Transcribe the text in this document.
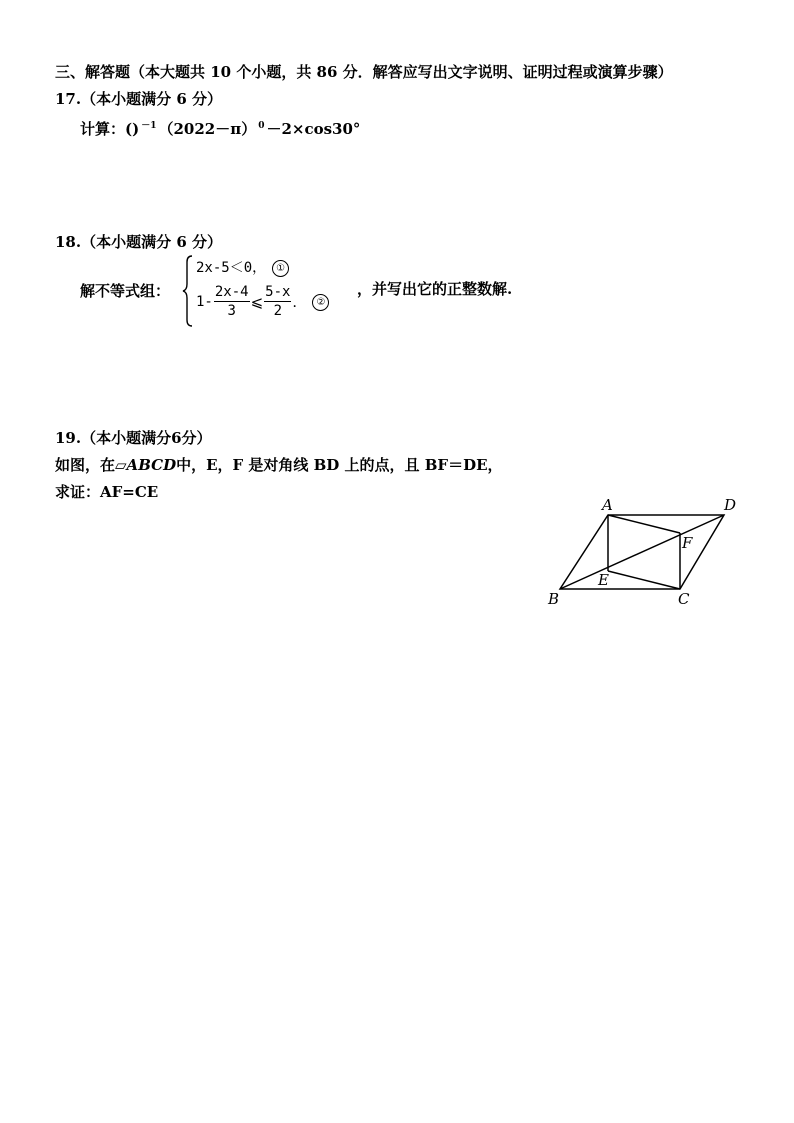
三、解答题（本大题共 10 个小题，共 86 分．解答应写出文字说明、证明过程或演算步骤）
17.（本小题满分 6 分）
计算：() $^{-1}$ （2022－π） $^0$ －2×cos30°
18.（本小题满分 6 分）
解不等式组：
2x-5＜0， ①
$1- \frac{2x-4}{3}$ ⩽ $\frac{5-x}{2}$ ． ②
，并写出它的正整数解.
19.（本小题满分6分）
如图，在▱ABCD中，E，F 是对角线 BD 上的点，且 BF＝DE，
求证：AF=CE
A	D
F
E
B	C
